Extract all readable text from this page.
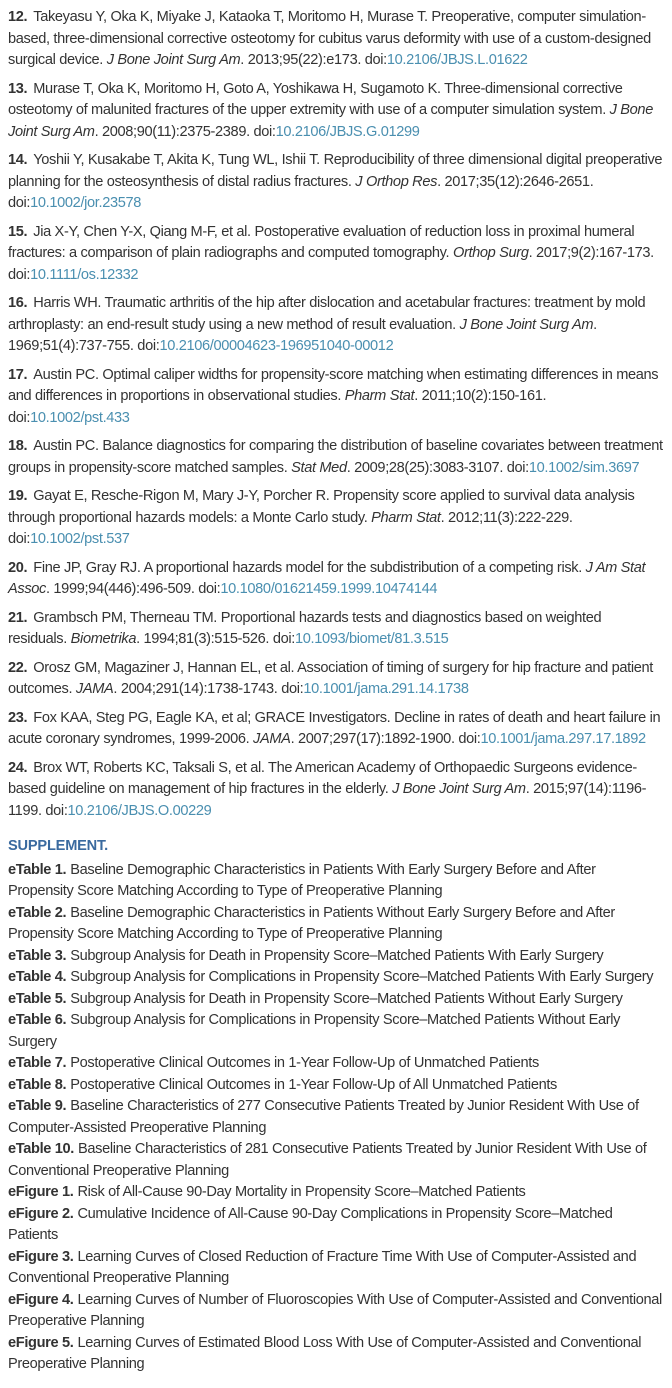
12. Takeyasu Y, Oka K, Miyake J, Kataoka T, Moritomo H, Murase T. Preoperative, computer simulation-based, three-dimensional corrective osteotomy for cubitus varus deformity with use of a custom-designed surgical device. J Bone Joint Surg Am. 2013;95(22):e173. doi:10.2106/JBJS.L.01622

13. Murase T, Oka K, Moritomo H, Goto A, Yoshikawa H, Sugamoto K. Three-dimensional corrective osteotomy of malunited fractures of the upper extremity with use of a computer simulation system. J Bone Joint Surg Am. 2008;90(11):2375-2389. doi:10.2106/JBJS.G.01299

14. Yoshii Y, Kusakabe T, Akita K, Tung WL, Ishii T. Reproducibility of three dimensional digital preoperative planning for the osteosynthesis of distal radius fractures. J Orthop Res. 2017;35(12):2646-2651. doi:10.1002/jor.23578

15. Jia X-Y, Chen Y-X, Qiang M-F, et al. Postoperative evaluation of reduction loss in proximal humeral fractures: a comparison of plain radiographs and computed tomography. Orthop Surg. 2017;9(2):167-173. doi:10.1111/os.12332

16. Harris WH. Traumatic arthritis of the hip after dislocation and acetabular fractures: treatment by mold arthroplasty: an end-result study using a new method of result evaluation. J Bone Joint Surg Am. 1969;51(4):737-755. doi:10.2106/00004623-196951040-00012

17. Austin PC. Optimal caliper widths for propensity-score matching when estimating differences in means and differences in proportions in observational studies. Pharm Stat. 2011;10(2):150-161. doi:10.1002/pst.433

18. Austin PC. Balance diagnostics for comparing the distribution of baseline covariates between treatment groups in propensity-score matched samples. Stat Med. 2009;28(25):3083-3107. doi:10.1002/sim.3697

19. Gayat E, Resche-Rigon M, Mary J-Y, Porcher R. Propensity score applied to survival data analysis through proportional hazards models: a Monte Carlo study. Pharm Stat. 2012;11(3):222-229. doi:10.1002/pst.537

20. Fine JP, Gray RJ. A proportional hazards model for the subdistribution of a competing risk. J Am Stat Assoc. 1999;94(446):496-509. doi:10.1080/01621459.1999.10474144

21. Grambsch PM, Therneau TM. Proportional hazards tests and diagnostics based on weighted residuals. Biometrika. 1994;81(3):515-526. doi:10.1093/biomet/81.3.515

22. Orosz GM, Magaziner J, Hannan EL, et al. Association of timing of surgery for hip fracture and patient outcomes. JAMA. 2004;291(14):1738-1743. doi:10.1001/jama.291.14.1738

23. Fox KAA, Steg PG, Eagle KA, et al; GRACE Investigators. Decline in rates of death and heart failure in acute coronary syndromes, 1999-2006. JAMA. 2007;297(17):1892-1900. doi:10.1001/jama.297.17.1892

24. Brox WT, Roberts KC, Taksali S, et al. The American Academy of Orthopaedic Surgeons evidence-based guideline on management of hip fractures in the elderly. J Bone Joint Surg Am. 2015;97(14):1196-1199. doi:10.2106/JBJS.O.00229

SUPPLEMENT.

eTable 1. Baseline Demographic Characteristics in Patients With Early Surgery Before and After Propensity Score Matching According to Type of Preoperative Planning

eTable 2. Baseline Demographic Characteristics in Patients Without Early Surgery Before and After Propensity Score Matching According to Type of Preoperative Planning

eTable 3. Subgroup Analysis for Death in Propensity Score–Matched Patients With Early Surgery

eTable 4. Subgroup Analysis for Complications in Propensity Score–Matched Patients With Early Surgery

eTable 5. Subgroup Analysis for Death in Propensity Score–Matched Patients Without Early Surgery

eTable 6. Subgroup Analysis for Complications in Propensity Score–Matched Patients Without Early Surgery

eTable 7. Postoperative Clinical Outcomes in 1-Year Follow-Up of Unmatched Patients

eTable 8. Postoperative Clinical Outcomes in 1-Year Follow-Up of All Unmatched Patients

eTable 9. Baseline Characteristics of 277 Consecutive Patients Treated by Junior Resident With Use of Computer-Assisted Preoperative Planning

eTable 10. Baseline Characteristics of 281 Consecutive Patients Treated by Junior Resident With Use of Conventional Preoperative Planning

eFigure 1. Risk of All-Cause 90-Day Mortality in Propensity Score–Matched Patients

eFigure 2. Cumulative Incidence of All-Cause 90-Day Complications in Propensity Score–Matched Patients

eFigure 3. Learning Curves of Closed Reduction of Fracture Time With Use of Computer-Assisted and Conventional Preoperative Planning

eFigure 4. Learning Curves of Number of Fluoroscopies With Use of Computer-Assisted and Conventional Preoperative Planning

eFigure 5. Learning Curves of Estimated Blood Loss With Use of Computer-Assisted and Conventional Preoperative Planning
